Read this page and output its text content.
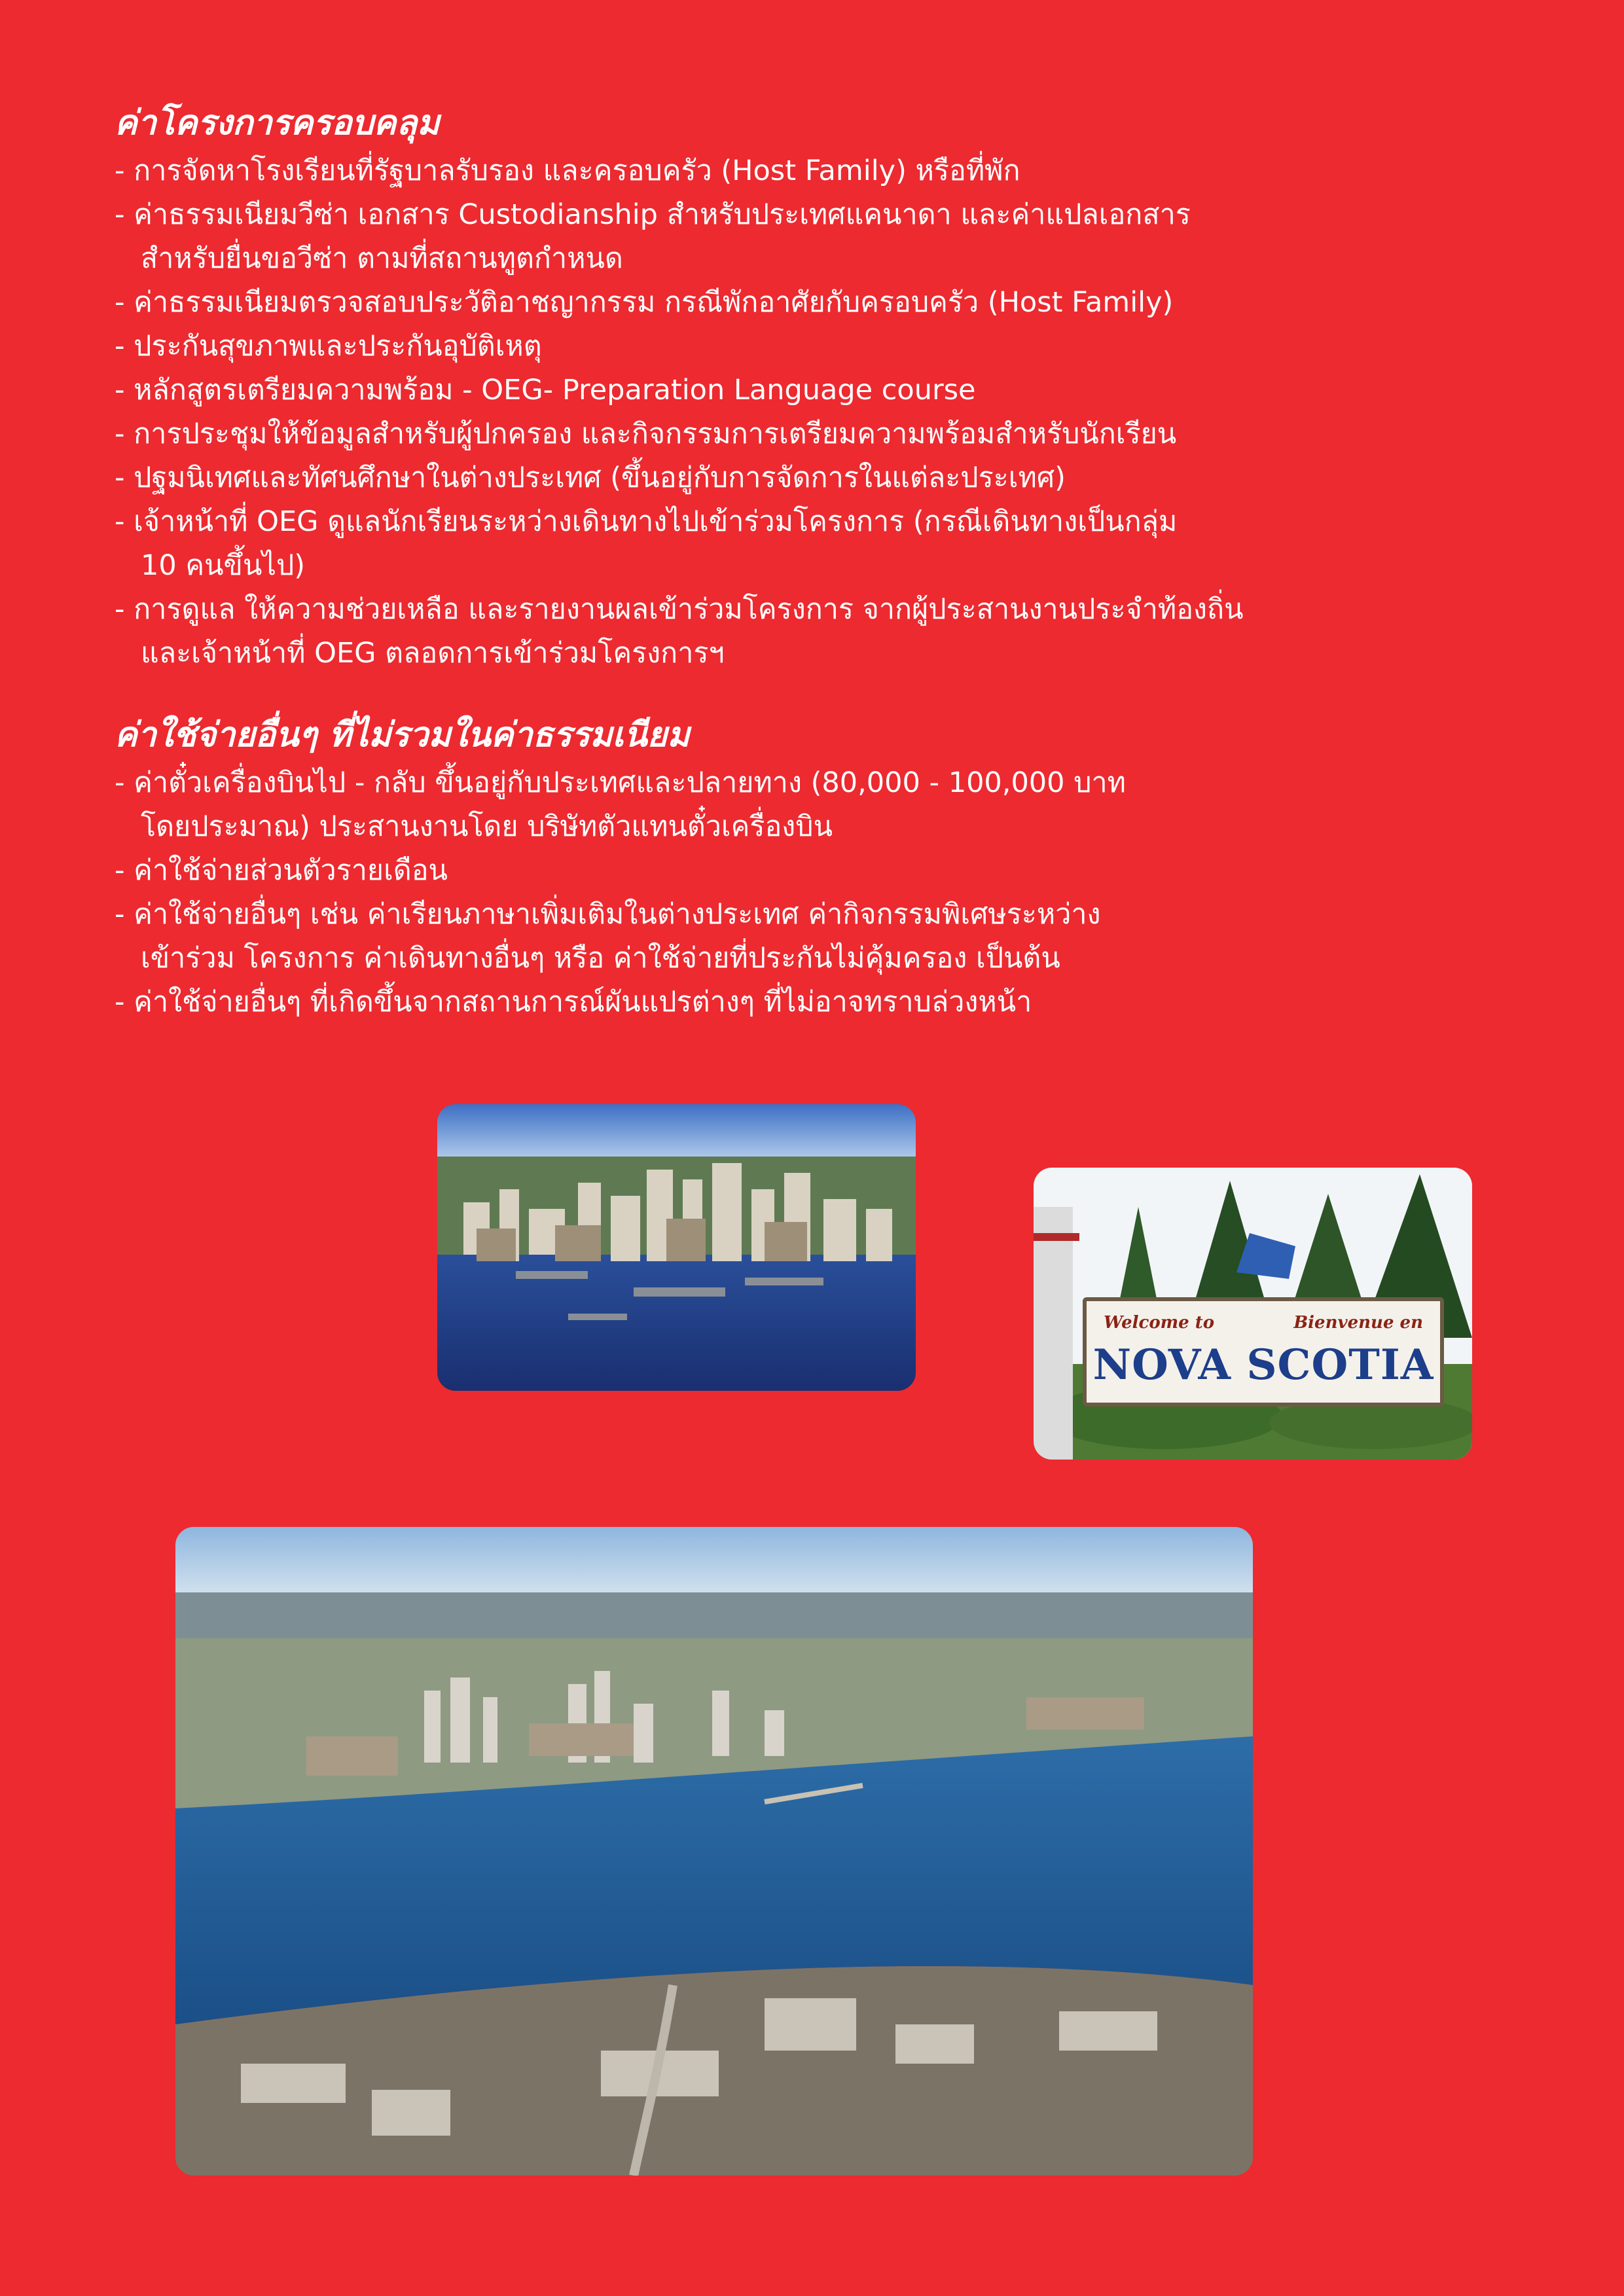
ค่าโครงการครอบคลุม
- การจัดหาโรงเรียนที่รัฐบาลรับรอง และครอบครัว (Host Family) หรือที่พัก
- ค่าธรรมเนียมวีซ่า เอกสาร Custodianship สำหรับประเทศแคนาดา และค่าแปลเอกสาร
สำหรับยื่นขอวีซ่า ตามที่สถานทูตกำหนด
- ค่าธรรมเนียมตรวจสอบประวัติอาชญากรรม กรณีพักอาศัยกับครอบครัว (Host Family)
- ประกันสุขภาพและประกันอุบัติเหตุ
- หลักสูตรเตรียมความพร้อม - OEG- Preparation Language course
- การประชุมให้ข้อมูลสำหรับผู้ปกครอง และกิจกรรมการเตรียมความพร้อมสำหรับนักเรียน
- ปฐมนิเทศและทัศนศึกษาในต่างประเทศ (ขึ้นอยู่กับการจัดการในแต่ละประเทศ)
- เจ้าหน้าที่ OEG ดูแลนักเรียนระหว่างเดินทางไปเข้าร่วมโครงการ (กรณีเดินทางเป็นกลุ่ม
10 คนขึ้นไป)
- การดูแล ให้ความช่วยเหลือ และรายงานผลเข้าร่วมโครงการ จากผู้ประสานงานประจำท้องถิ่น
และเจ้าหน้าที่ OEG ตลอดการเข้าร่วมโครงการฯ
ค่าใช้จ่ายอื่นๆ ที่ไม่รวมในค่าธรรมเนียม
- ค่าตั๋วเครื่องบินไป - กลับ ขึ้นอยู่กับประเทศและปลายทาง (80,000 - 100,000 บาท
โดยประมาณ) ประสานงานโดย บริษัทตัวแทนตั๋วเครื่องบิน
- ค่าใช้จ่ายส่วนตัวรายเดือน
- ค่าใช้จ่ายอื่นๆ เช่น ค่าเรียนภาษาเพิ่มเติมในต่างประเทศ ค่ากิจกรรมพิเศษระหว่าง
เข้าร่วม โครงการ ค่าเดินทางอื่นๆ หรือ ค่าใช้จ่ายที่ประกันไม่คุ้มครอง เป็นต้น
- ค่าใช้จ่ายอื่นๆ ที่เกิดขึ้นจากสถานการณ์ผันแปรต่างๆ ที่ไม่อาจทราบล่วงหน้า
Welcome to	Bienvenue en
NOVA SCOTIA
